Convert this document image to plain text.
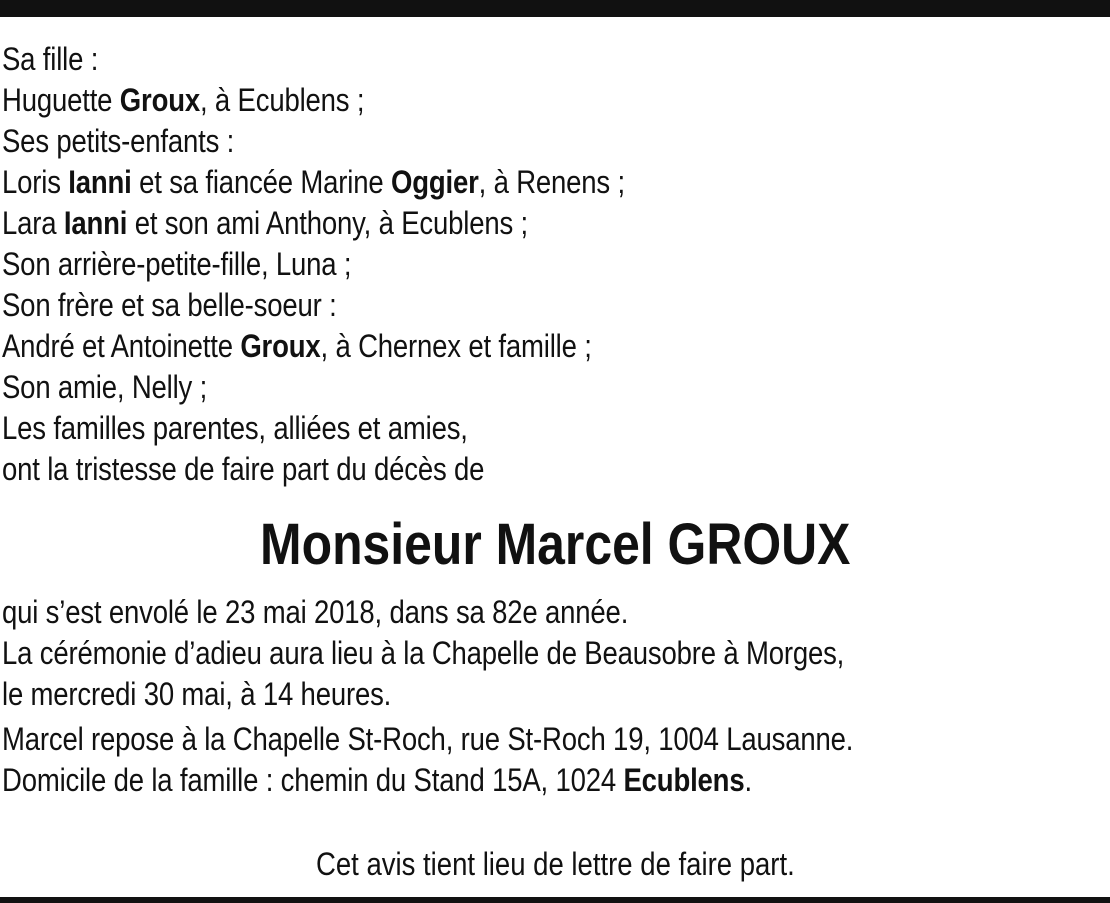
Sa fille :
Huguette Groux, à Ecublens ;
Ses petits-enfants :
Loris Ianni et sa fiancée Marine Oggier, à Renens ;
Lara Ianni et son ami Anthony, à Ecublens ;
Son arrière-petite-fille, Luna ;
Son frère et sa belle-soeur :
André et Antoinette Groux, à Chernex et famille ;
Son amie, Nelly ;
Les familles parentes, alliées et amies,
ont la tristesse de faire part du décès de
Monsieur Marcel GROUX
qui s’est envolé le 23 mai 2018, dans sa 82e année.
La cérémonie d’adieu aura lieu à la Chapelle de Beausobre à Morges,
le mercredi 30 mai, à 14 heures.
Marcel repose à la Chapelle St-Roch, rue St-Roch 19, 1004 Lausanne.
Domicile de la famille : chemin du Stand 15A, 1024 Ecublens.
Cet avis tient lieu de lettre de faire part.
